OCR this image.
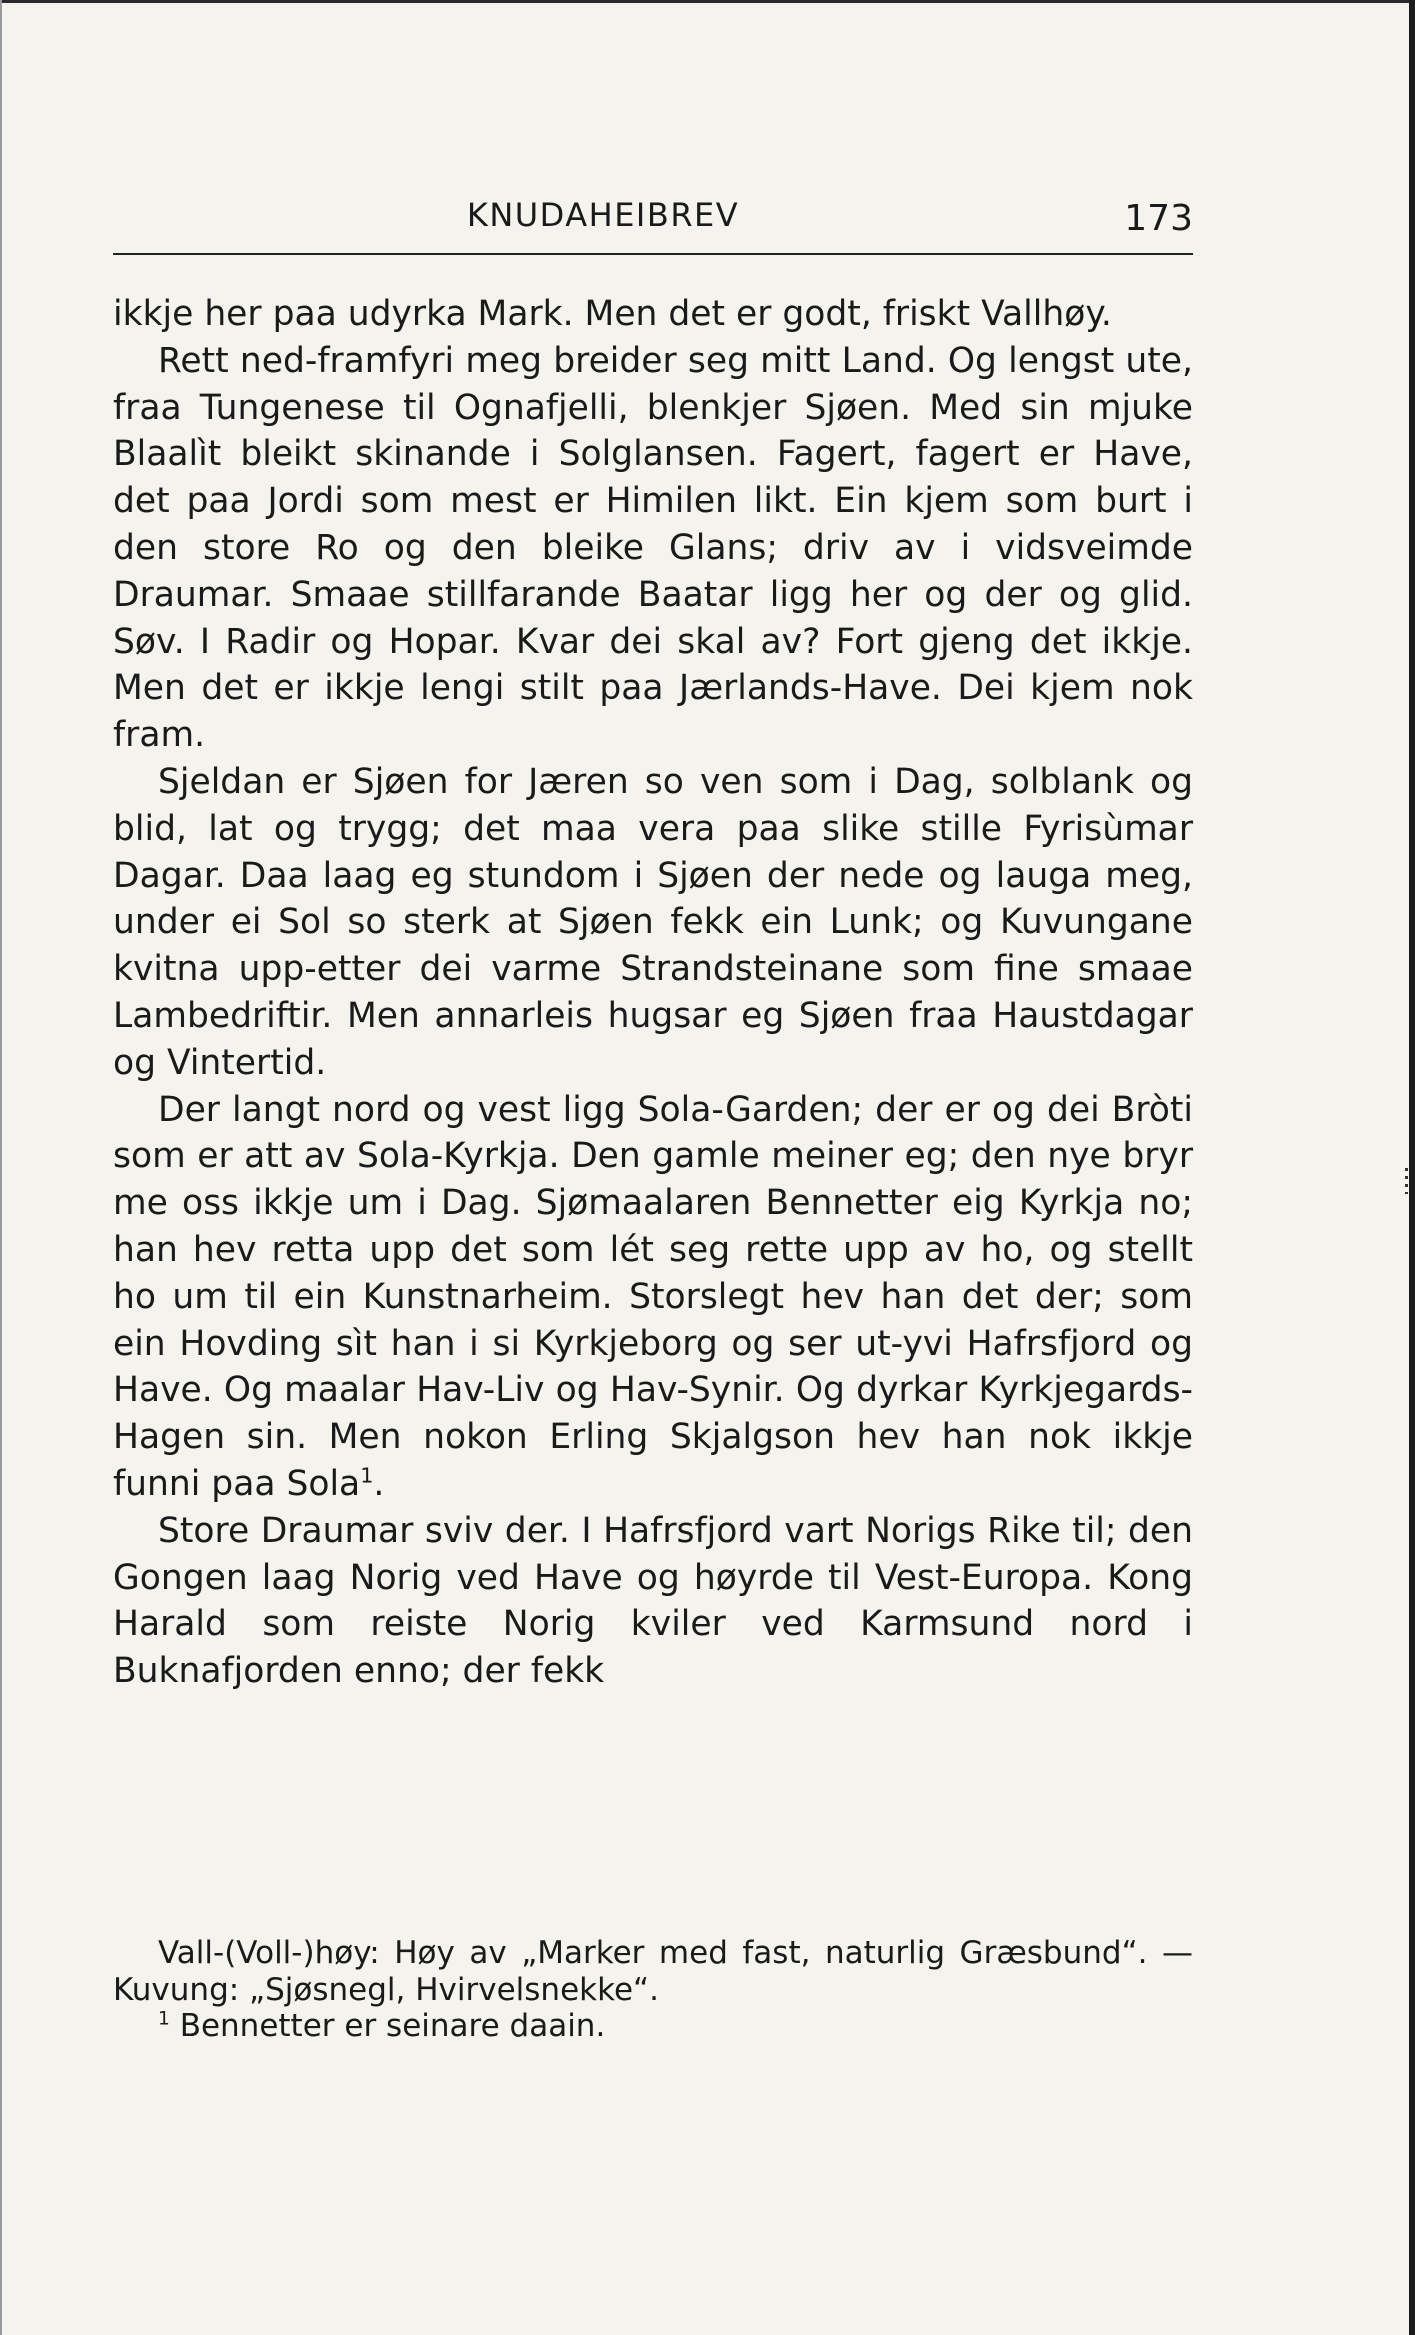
KNUDAHEIBREV	173

ikkje her paa udyrka Mark. Men det er godt, friskt Vallhøy.

Rett ned-framfyri meg breider seg mitt Land. Og lengst ute, fraa Tungenese til Ognafjelli, blenkjer Sjøen. Med sin mjuke Blaalìt bleikt skinande i Solglansen. Fagert, fagert er Have, det paa Jordi som mest er Himilen likt. Ein kjem som burt i den store Ro og den bleike Glans; driv av i vidsveimde Draumar. Smaae stillfarande Baatar ligg her og der og glid. Søv. I Radir og Hopar. Kvar dei skal av? Fort gjeng det ikkje. Men det er ikkje lengi stilt paa Jærlands-Have. Dei kjem nok fram.

Sjeldan er Sjøen for Jæren so ven som i Dag, solblank og blid, lat og trygg; det maa vera paa slike stille Fyrisùmar Dagar. Daa laag eg stundom i Sjøen der nede og lauga meg, under ei Sol so sterk at Sjøen fekk ein Lunk; og Kuvungane kvitna upp-etter dei varme Strandsteinane som fine smaae Lambedriftir. Men annarleis hugsar eg Sjøen fraa Haustdagar og Vintertid.

Der langt nord og vest ligg Sola-Garden; der er og dei Bròti som er att av Sola-Kyrkja. Den gamle meiner eg; den nye bryr me oss ikkje um i Dag. Sjømaalaren Bennetter eig Kyrkja no; han hev retta upp det som lét seg rette upp av ho, og stellt ho um til ein Kunstnarheim. Storslegt hev han det der; som ein Hovding sìt han i si Kyrkjeborg og ser ut-yvi Hafrsfjord og Have. Og maalar Hav-Liv og Hav-Synir. Og dyrkar Kyrkjegards-Hagen sin. Men nokon Erling Skjalgson hev han nok ikkje funni paa Sola$^1$.

Store Draumar sviv der. I Hafrsfjord vart Norigs Rike til; den Gongen laag Norig ved Have og høyrde til Vest-Europa. Kong Harald som reiste Norig kviler ved Karmsund nord i Buknafjorden enno; der fekk

Vall-(Voll-)høy: Høy av „Marker med fast, naturlig Græsbund“. — Kuvung: „Sjøsnegl, Hvirvelsnekke“.

$^1$ Bennetter er seinare daain.
